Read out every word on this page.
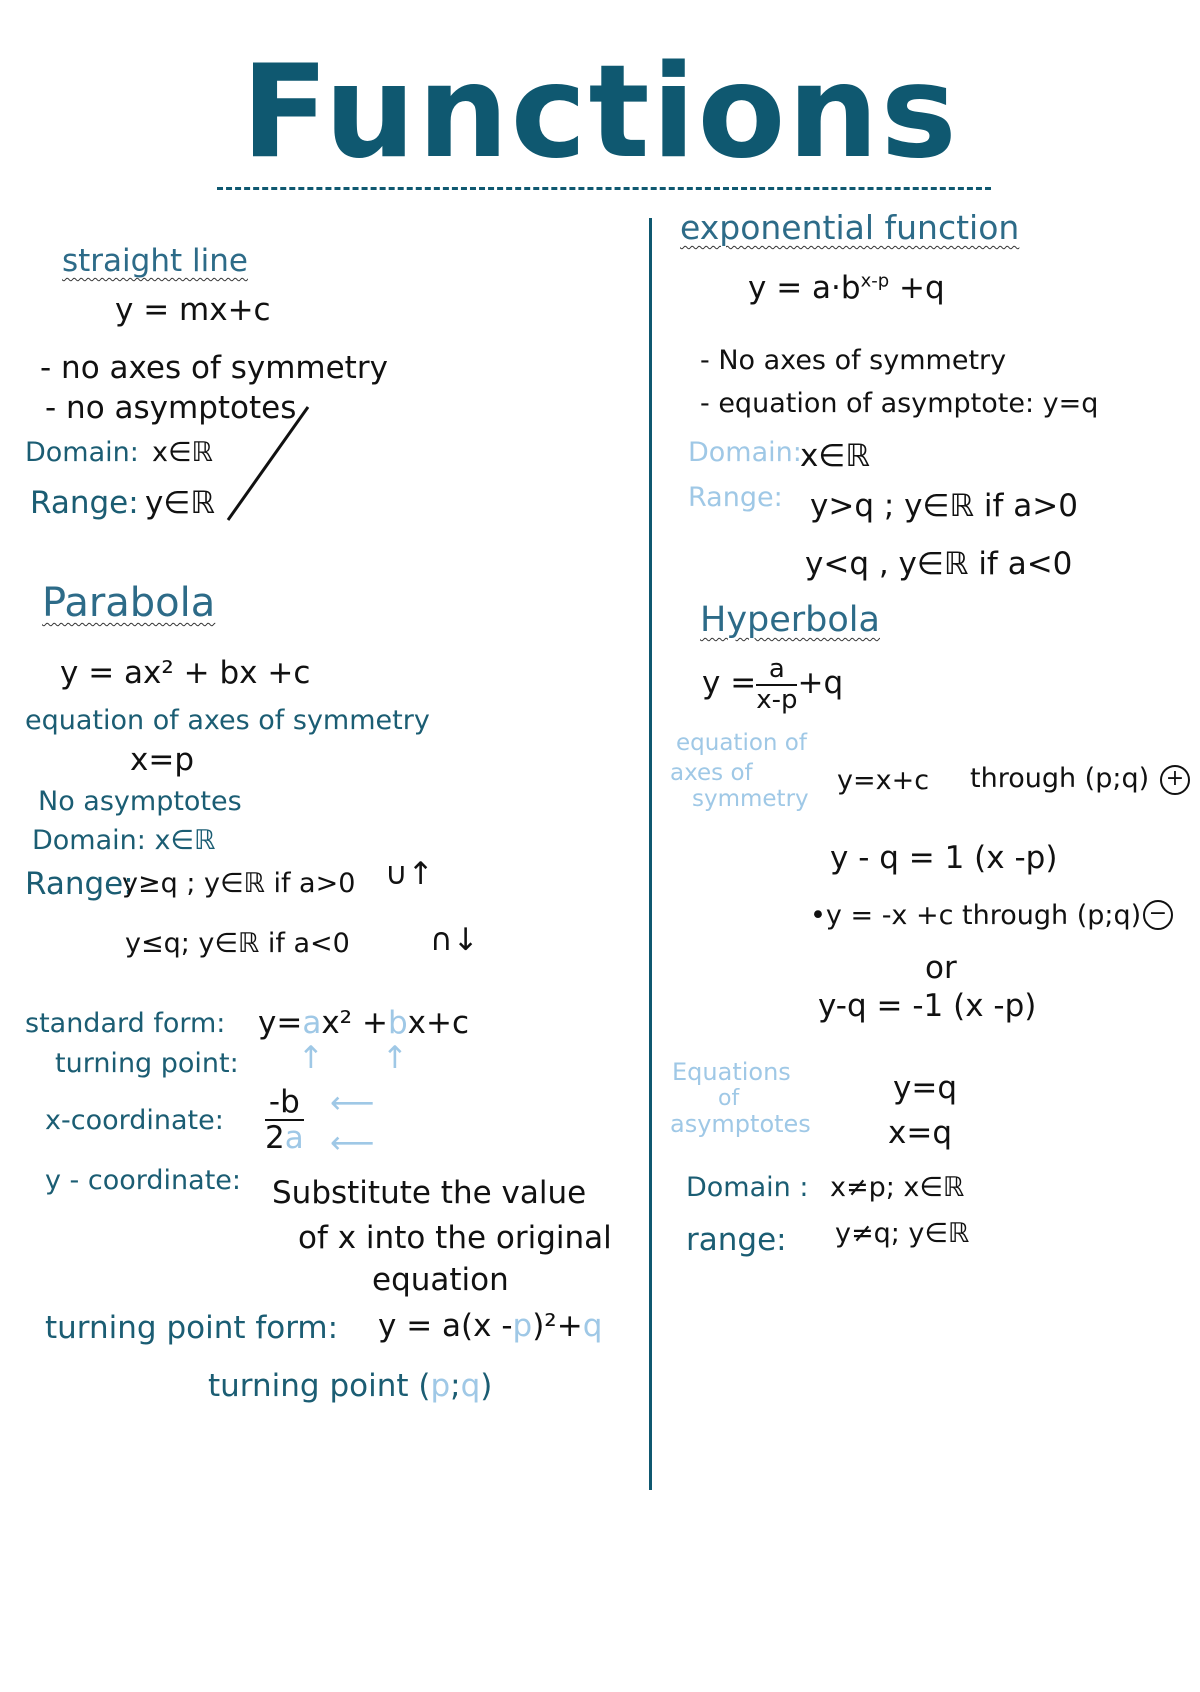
Functions
straight line
y = mx+c
- no axes of symmetry
- no asymptotes
Domain: x∈ℝ
Range: y∈ℝ
Parabola
y = ax² + bx +c
equation of axes of symmetry
x=p
No asymptotes
Domain: x∈ℝ
Range:
y≥q ; y∈ℝ if a>0 ∪↑
y≤q; y∈ℝ if a<0	∩↓
standard form: y=ax² +bx+c
↑ ↑
turning point:
x-coordinate: $\frac{-b}{2a}$ ⟵
⟵
y - coordinate: Substitute the value
of x into the original
equation
turning point form: y = a(x -p)²+q
turning point (p;q)
exponential function
$y = a\cdot b^{x-p} +q$
- No axes of symmetry
- equation of asymptote: y=q
Domain:
x∈ℝ
Range: y>q ; y∈ℝ if a>0
y<q , y∈ℝ if a<0
Hyperbola
$y = \frac{a}{x-p} +q$
equation of
axes of
symmetry
y=x+c through (p;q) +
y - q = 1 (x -p)
•y = -x +c through (p;q) −
or
y-q = -1 (x -p)
Equations
of
asymptotes
y=q
x=q
Domain : x≠p; x∈ℝ
range: y≠q; y∈ℝ
